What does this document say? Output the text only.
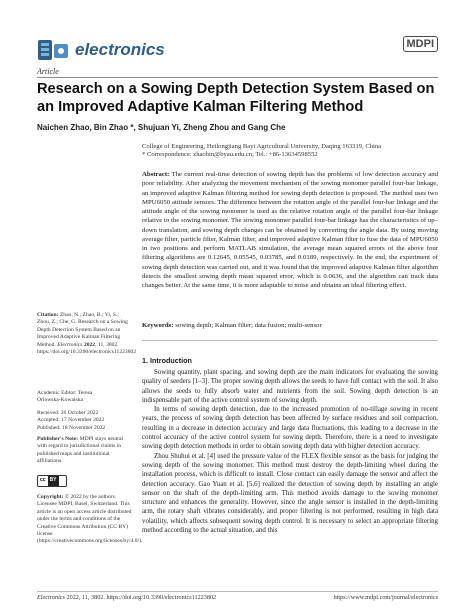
electronics	MDPI
Article
Research on a Sowing Depth Detection System Based on an Improved Adaptive Kalman Filtering Method
Naichen Zhao, Bin Zhao *, Shujuan Yi, Zheng Zhou and Gang Che
College of Engineering, Heilongjiang Bayi Agricultural University, Daqing 163319, China
* Correspondence: zhaobin@byau.edu.cn; Tel.: +86-13634598552
Abstract: The current real-time detection of sowing depth has the problems of low detection accuracy and poor reliability. After analyzing the movement mechanism of the sowing monomer parallel four-bar linkage, an improved adaptive Kalman filtering method for sowing depth detection is proposed. The method uses two MPU6050 attitude sensors. The difference between the rotation angle of the parallel four-bar linkage and the attitude angle of the sowing monomer is used as the relative rotation angle of the parallel four-bar linkage relative to the sowing monomer. The sowing monomer parallel four-bar linkage has the characteristics of up–down translation, and sowing depth changes can be obtained by converting the angle data. By using moving average filter, particle filter, Kalman filter, and improved adaptive Kalman filter to fuse the data of MPU6050 in two positions and perform MATLAB simulation, the average mean squared errors of the above four filtering algorithms are 0.12645, 0.05545, 0.03785, and 0.0189, respectively. In the end, the experiment of sowing depth detection was carried out, and it was found that the improved adaptive Kalman filter algorithm detects the smallest sowing depth mean squared error, which is 0.0636, and the algorithm can track data changes better. At the same time, it is more adaptable to noise and obtains an ideal filtering effect.
Keywords: sowing depth; Kalman filter; data fusion; multi-sensor
Citation: Zhao, N.; Zhao, B.; Yi, S.; Zhou, Z.; Che, G. Research on a Sowing Depth Detection System Based on an Improved Adaptive Kalman Filtering Method. Electronics 2022, 11, 3802. https://doi.org/10.3390/electronics11223802
Academic Editor: Teresa
Orlowska-Kowalska
Received: 26 October 2022
Accepted: 17 November 2022
Published: 18 November 2022
Publisher's Note: MDPI stays neutral with regard to jurisdictional claims in published maps and institutional affiliations.
cc BY
Copyright: © 2022 by the authors. Licensee MDPI, Basel, Switzerland. This article is an open access article distributed under the terms and conditions of the Creative Commons Attribution (CC BY) license (https://creativecommons.org/licenses/by/4.0/).
1. Introduction

Sowing quantity, plant spacing, and sowing depth are the main indicators for evaluating the sowing quality of seeders [1–3]. The proper sowing depth allows the seeds to have full contact with the soil. It also allows the seeds to fully absorb water and nutrients from the soil. Sowing depth detection is an indispensable part of the active control system of sowing depth.

In terms of sowing depth detection, due to the increased promotion of no-tillage sowing in recent years, the process of sowing depth detection has been affected by surface residues and soil compaction, resulting in a decrease in detection accuracy and large data fluctuations, this leading to a decrease in the control accuracy of the active control system for sowing depth. Therefore, there is a need to investigate sowing depth detection methods in order to obtain sowing depth data with higher detection accuracy.

Zhou Shuhui et al. [4] used the pressure value of the FLEX flexible sensor as the basis for judging the sowing depth of the sowing monomer. This method must destroy the depth-limiting wheel during the installation process, which is difficult to install. Close contact can easily damage the sensor and affect the detection accuracy. Gao Yuan et al. [5,6] realized the detection of sowing depth by installing an angle sensor on the shaft of the depth-limiting arm. This method avoids damage to the sowing monomer structure and enhances the generality. However, since the angle sensor is installed in the depth-limiting arm, the rotary shaft vibrates considerably, and proper filtering is not performed, resulting in high data volatility, which affects subsequent sowing depth control. It is necessary to select an appropriate filtering method according to the actual situation, and this

Electronics 2022, 11, 3802. https://doi.org/10.3390/electronics11223802	https://www.mdpi.com/journal/electronics
